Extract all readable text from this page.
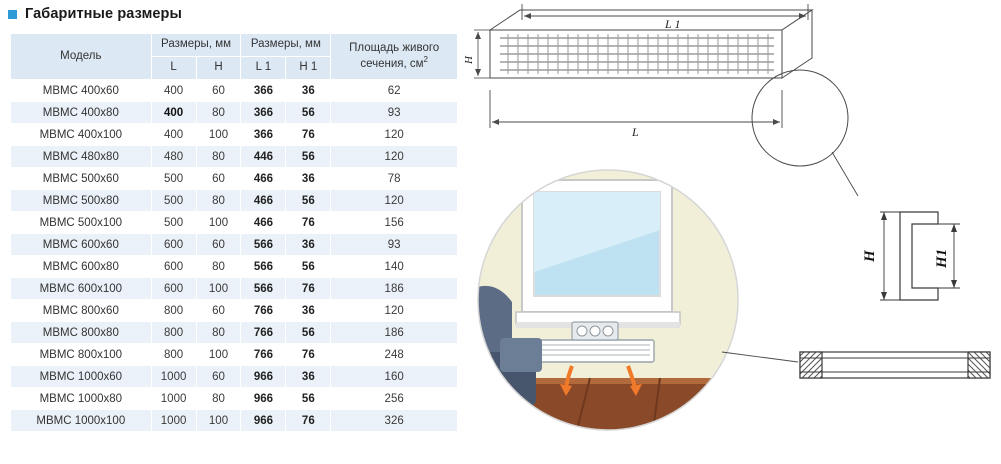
Габаритные размеры
Модель	Размеры, мм		Размеры, мм		Площадь живого сечения, $см^2$
	L	H	L 1	H 1	
МВМС 400х60	400	60	366	36	62
МВМС 400х80	400	80	366	56	93
МВМС 400х100	400	100	366	76	120
МВМС 480х80	480	80	446	56	120
МВМС 500х60	500	60	466	36	78
МВМС 500х80	500	80	466	56	120
МВМС 500х100	500	100	466	76	156
МВМС 600х60	600	60	566	36	93
МВМС 600х80	600	80	566	56	140
МВМС 600х100	600	100	566	76	186
МВМС 800х60	800	60	766	36	120
МВМС 800х80	800	80	766	56	186
МВМС 800х100	800	100	766	76	248
МВМС 1000х60	1000	60	966	36	160
МВМС 1000х80	1000	80	966	56	256
МВМС 1000х100	1000	100	966	76	326
L 1
H
L
H	H1
